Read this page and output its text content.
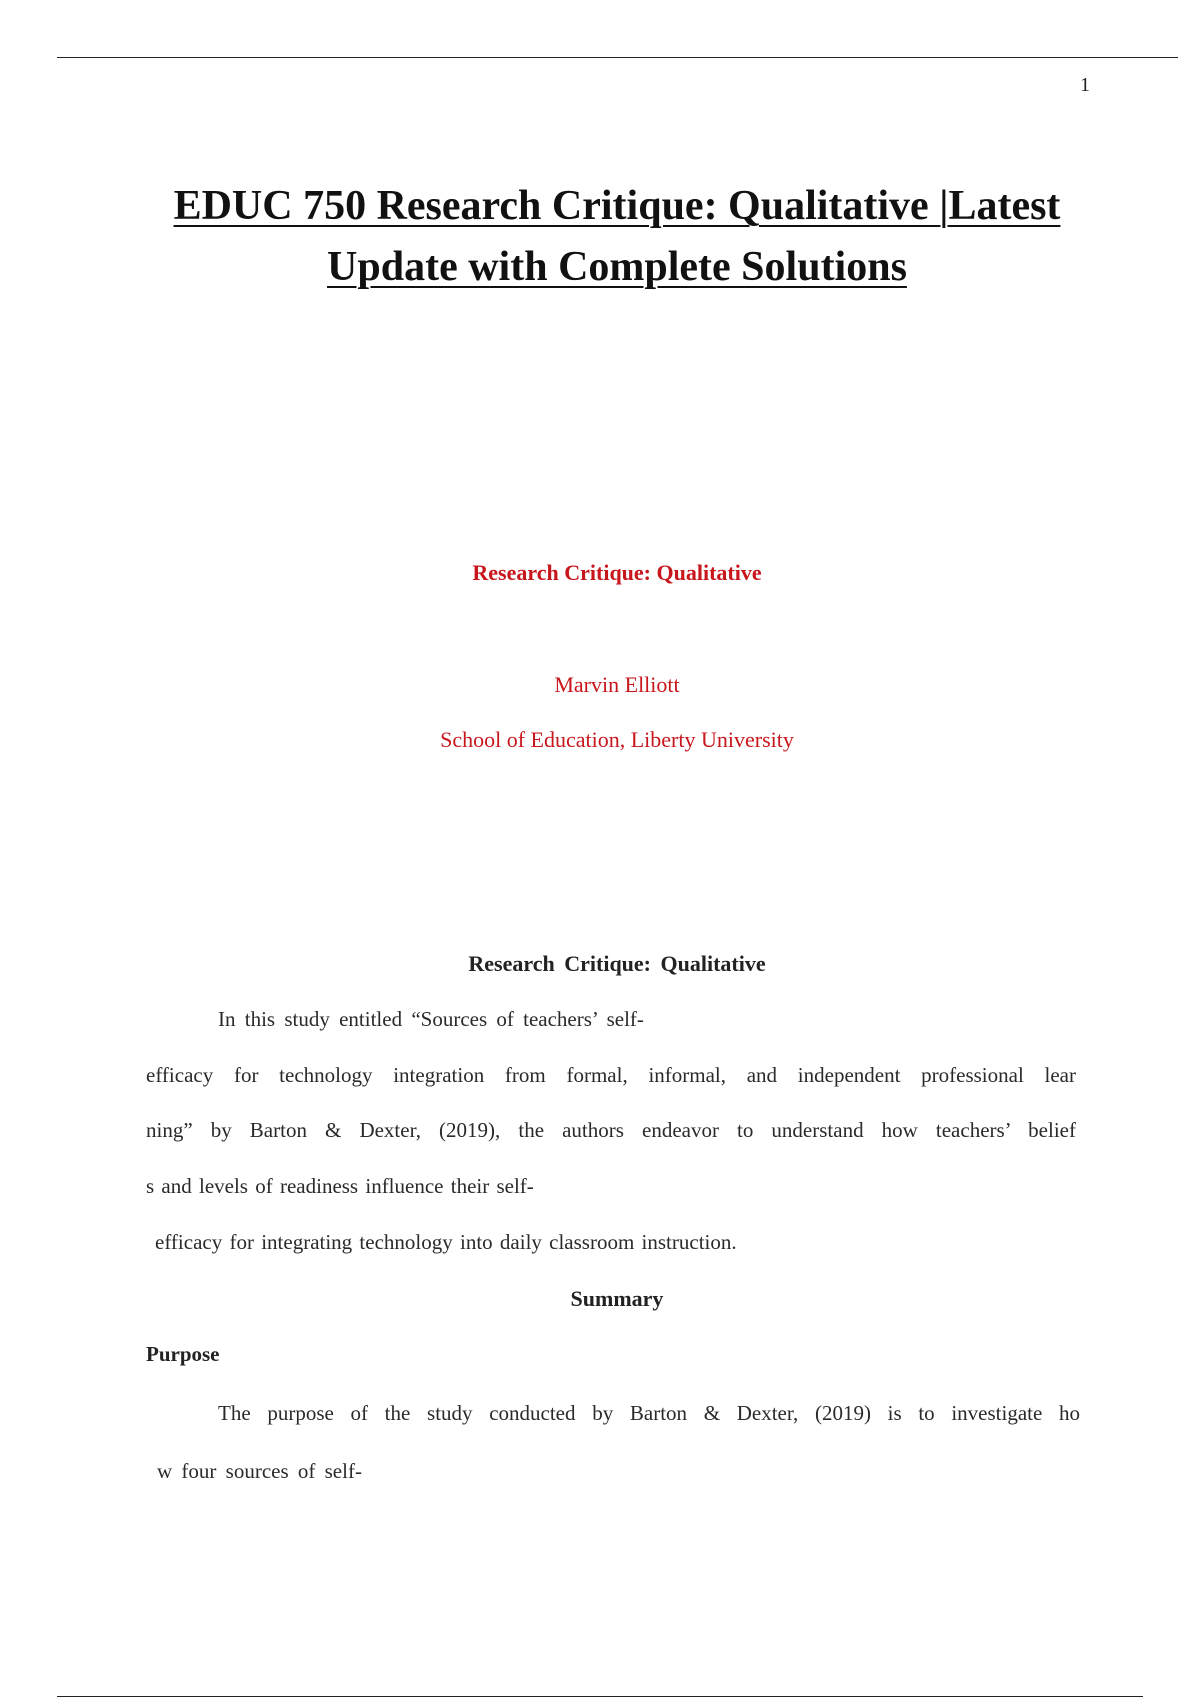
1
EDUC 750 Research Critique: Qualitative |Latest
Update with Complete Solutions
Research Critique: Qualitative
Marvin Elliott
School of Education, Liberty University
Research Critique: Qualitative
In this study entitled “Sources of teachers’ self-
efficacy for technology integration from formal, informal, and independent professional lear
ning” by Barton & Dexter, (2019), the authors endeavor to understand how teachers’ belief
s and levels of readiness influence their self-
efficacy for integrating technology into daily classroom instruction.
Summary
Purpose
The purpose of the study conducted by Barton & Dexter, (2019) is to investigate ho
w four sources of self-
